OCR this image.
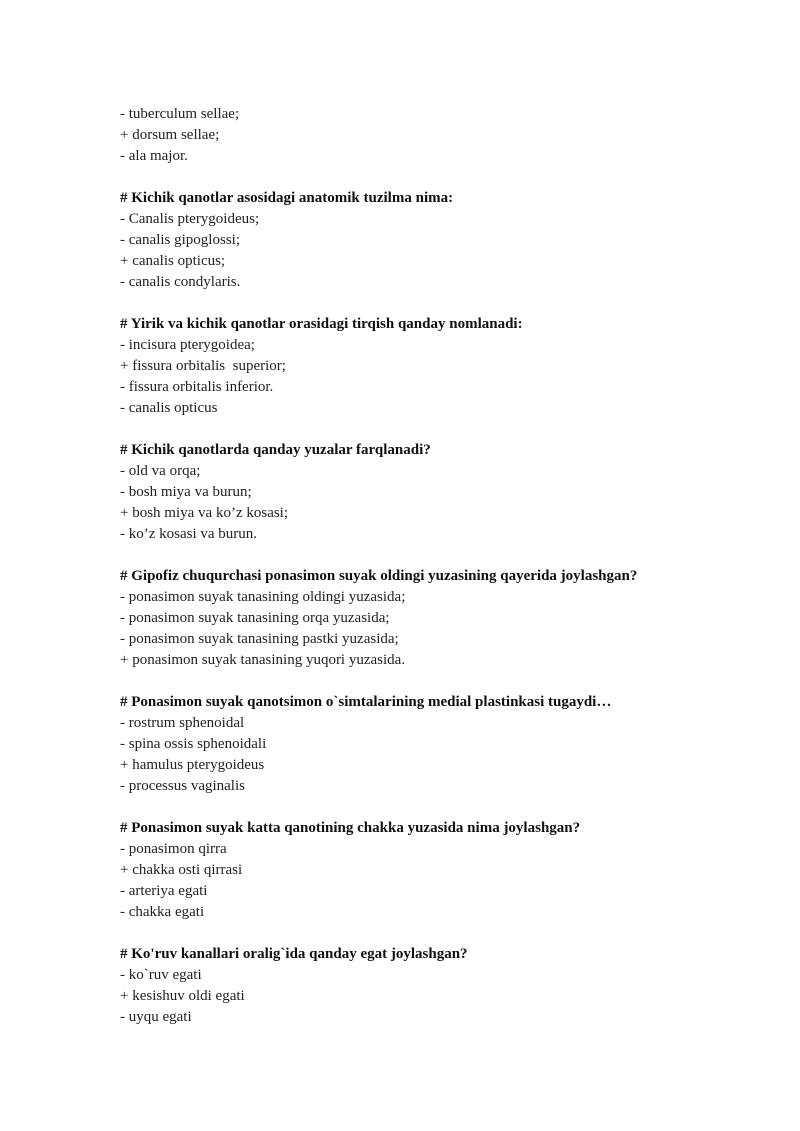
- tuberculum sellae;
+ dorsum sellae;
- ala major.
# Kichik qanotlar asosidagi anatomik tuzilma nima:
- Canalis pterygoideus;
- canalis gipoglossi;
+ canalis opticus;
- canalis condylaris.
# Yirik va kichik qanotlar orasidagi tirqish qanday nomlanadi:
- incisura pterygoidea;
+ fissura orbitalis  superior;
- fissura orbitalis inferior.
- canalis opticus
# Kichik qanotlarda qanday yuzalar farqlanadi?
- old va orqa;
- bosh miya va burun;
+ bosh miya va ko’z kosasi;
- ko’z kosasi va burun.
# Gipofiz chuqurchasi ponasimon suyak oldingi yuzasining qayerida joylashgan?
- ponasimon suyak tanasining oldingi yuzasida;
- ponasimon suyak tanasining orqa yuzasida;
- ponasimon suyak tanasining pastki yuzasida;
+ ponasimon suyak tanasining yuqori yuzasida.
# Ponasimon suyak qanotsimon o`simtalarining medial plastinkasi tugaydi…
- rostrum sphenoidal
- spina ossis sphenoidali
+ hamulus pterygoideus
- processus vaginalis
# Ponasimon suyak katta qanotining chakka yuzasida nima joylashgan?
- ponasimon qirra
+ chakka osti qirrasi
- arteriya egati
- chakka egati
# Ko'ruv kanallari oralig`ida qanday egat joylashgan?
- ko`ruv egati
+ kesishuv oldi egati
- uyqu egati
